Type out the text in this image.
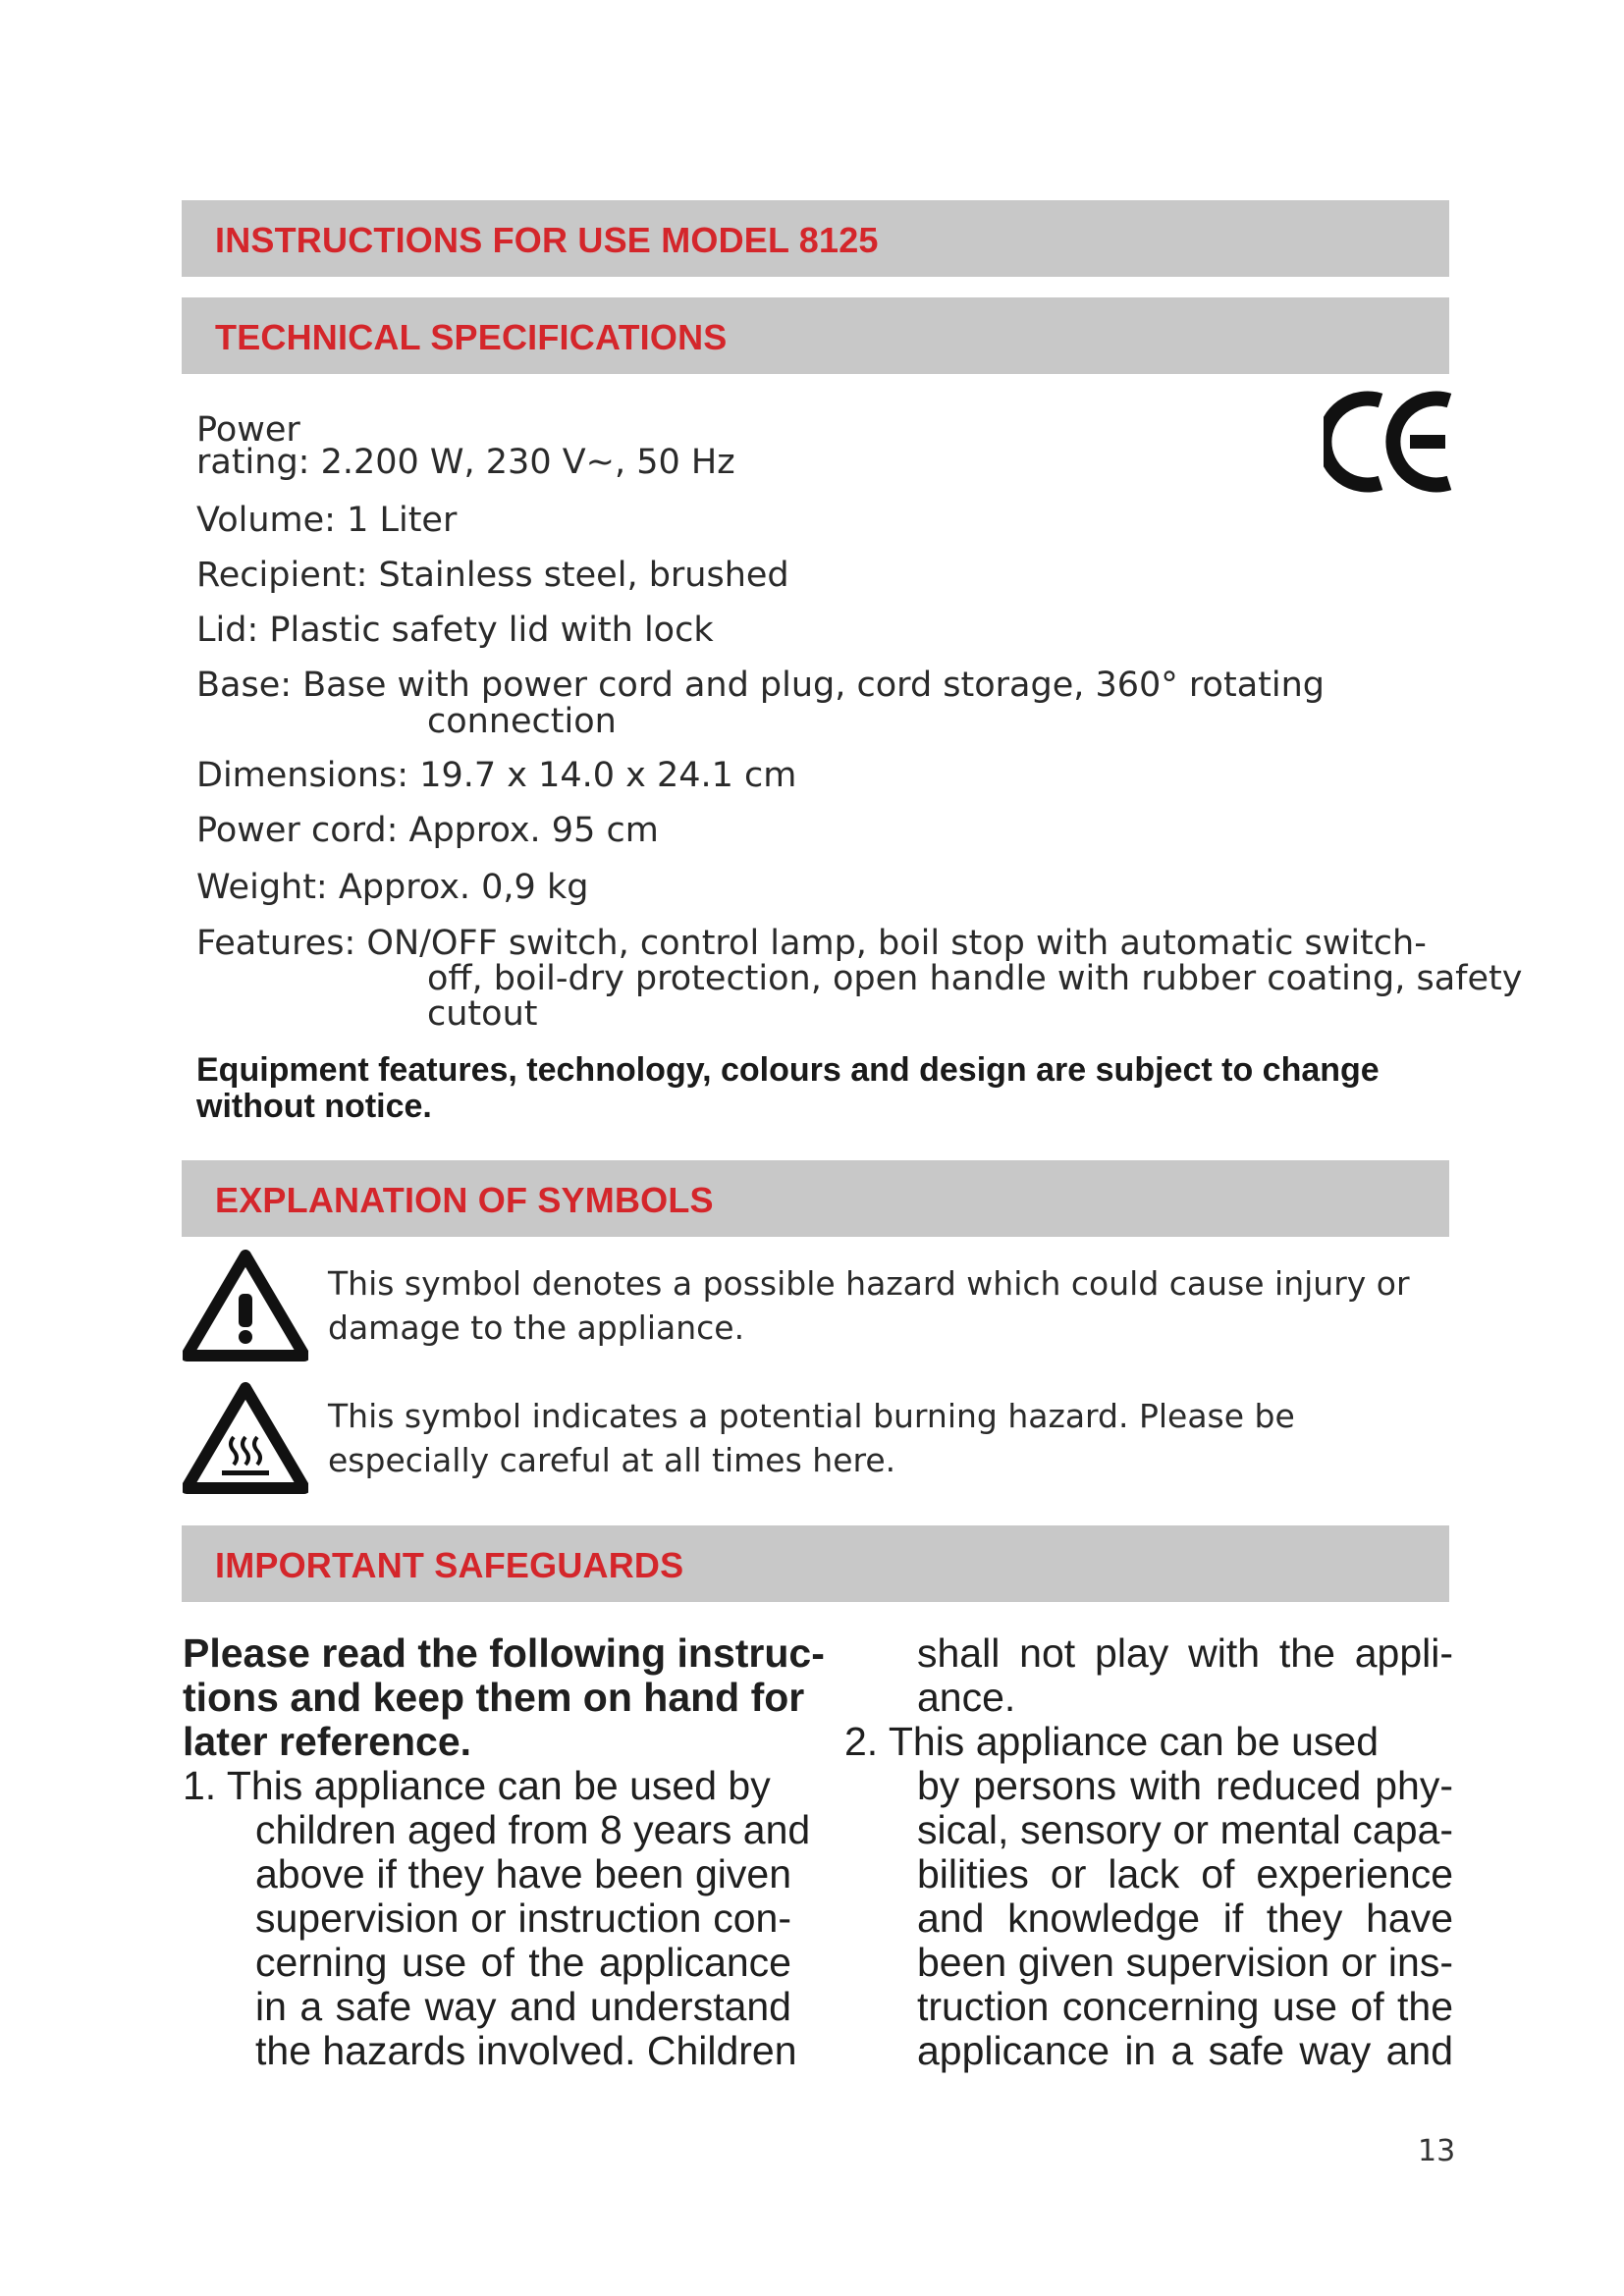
INSTRUCTIONS FOR USE MODEL 8125
TECHNICAL SPECIFICATIONS
Power
rating: 2.200 W, 230 V~, 50 Hz
Volume: 1 Liter
Recipient: Stainless steel, brushed
Lid: Plastic safety lid with lock
Base: Base with power cord and plug, cord storage, 360° rotating
connection
Dimensions: 19.7 x 14.0 x 24.1 cm
Power cord: Approx. 95 cm
Weight: Approx. 0,9 kg
Features: ON/OFF switch, control lamp, boil stop with automatic switch-
off, boil-dry protection, open handle with rubber coating, safety
cutout
Equipment features, technology, colours and design are subject to change without notice.
EXPLANATION OF SYMBOLS
This symbol denotes a possible hazard which could cause injury or damage to the appliance.
This symbol indicates a potential burning hazard. Please be especially careful at all times here.
IMPORTANT SAFEGUARDS
Please read the following instruc-
tions and keep them on hand for
later reference.
1. This appliance can be used by
children aged from 8 years and
above if they have been given
supervision or instruction con-
cerning use of the applicance
in a safe way and understand
the hazards involved. Children
shall not play with the appli-
ance.
2. This appliance can be used
by persons with reduced phy-
sical, sensory or mental capa-
bilities or lack of experience
and knowledge if they have
been given supervision or ins-
truction concerning use of the
applicance in a safe way and
13
